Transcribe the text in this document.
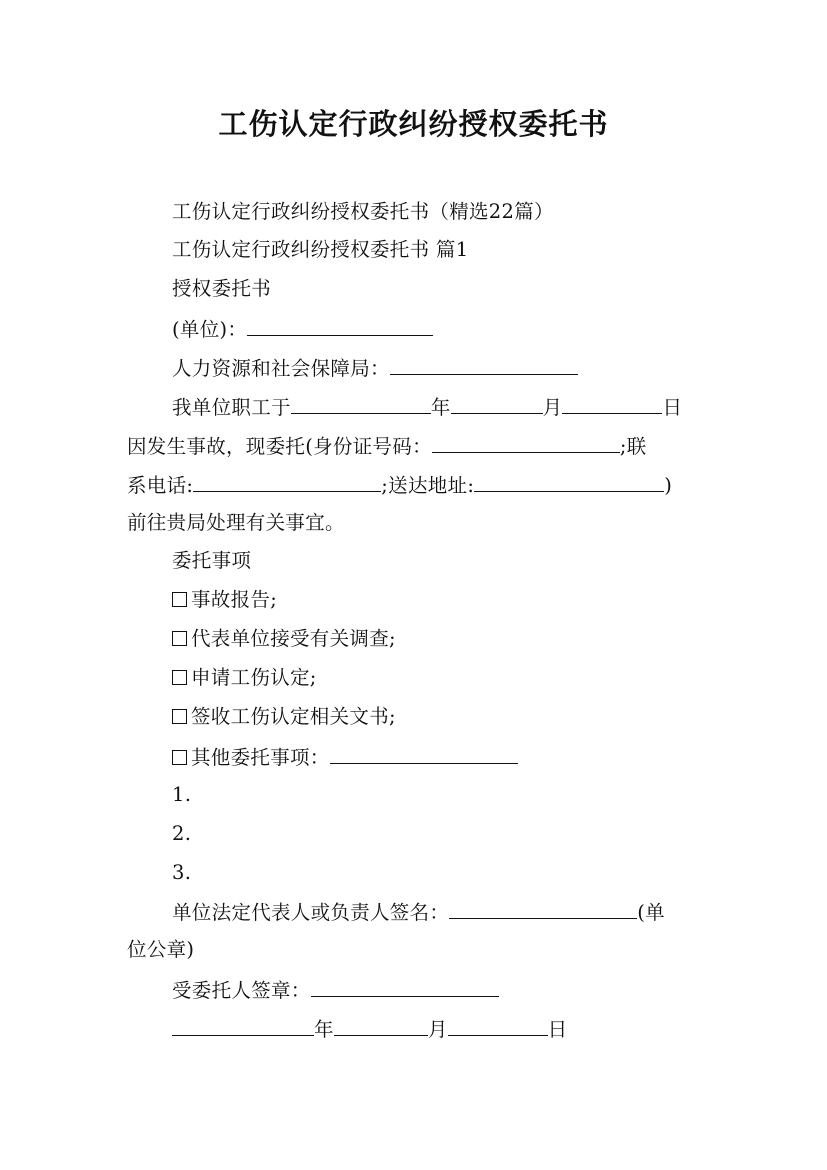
工伤认定行政纠纷授权委托书
工伤认定行政纠纷授权委托书（精选22篇）
工伤认定行政纠纷授权委托书 篇1
授权委托书
(单位)：
人力资源和社会保障局：
我单位职工于	年	月	日
因发生事故，现委托(身份证号码：	;联
系电话:	;送达地址:	)
前往贵局处理有关事宜。
委托事项
事故报告;
代表单位接受有关调查;
申请工伤认定;
签收工伤认定相关文书;
其他委托事项：
1.
2.
3.
单位法定代表人或负责人签名：	(单
位公章)
受委托人签章：
年	月	日
